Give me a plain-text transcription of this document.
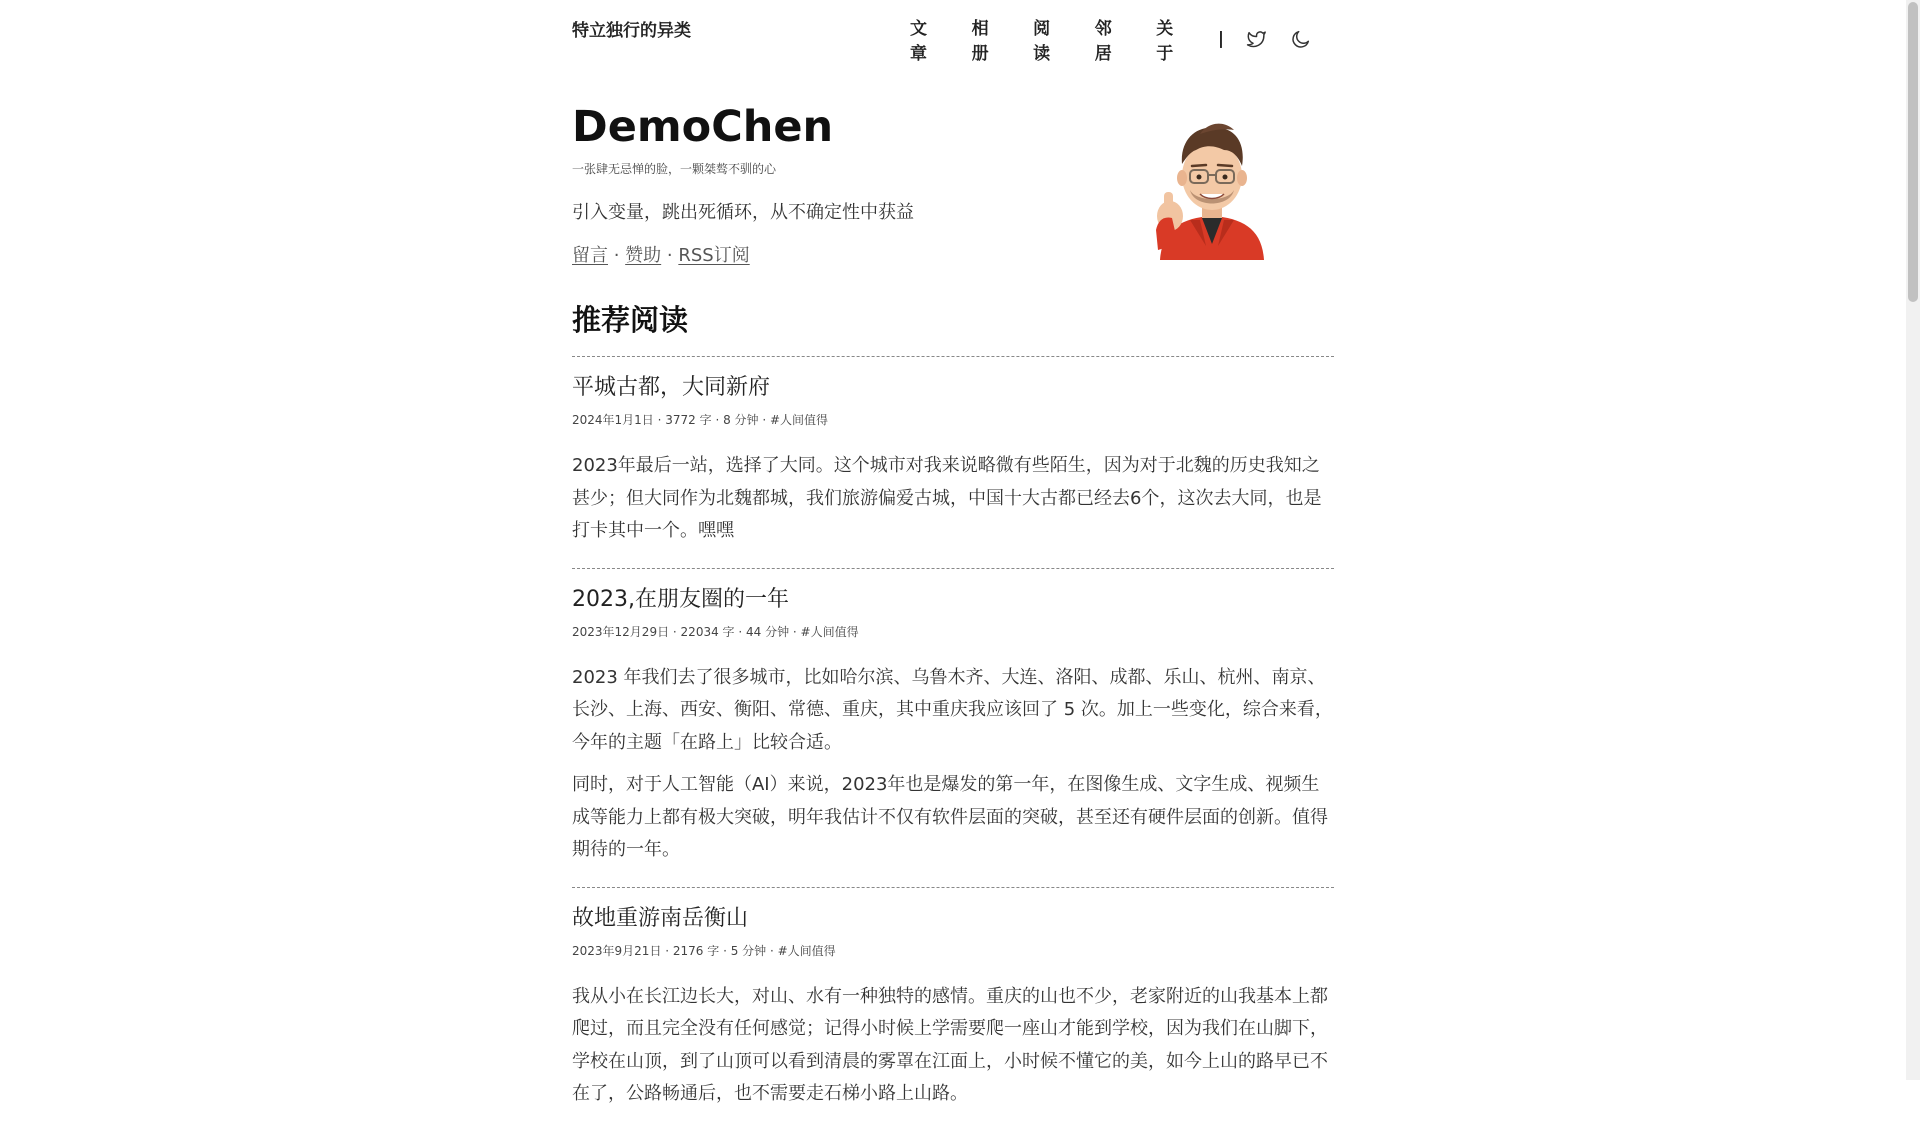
特立独行的异类	文章
相册
阅读
邻居
关于
|
DemoChen
一张肆无忌惮的脸，一颗桀骜不驯的心
引入变量，跳出死循环，从不确定性中获益
留言 · 赞助 · RSS订阅
推荐阅读
平城古都，大同新府
2024年1月1日 · 3772 字 · 8 分钟 · #人间值得

2023年最后一站，选择了大同。这个城市对我来说略微有些陌生，因为对于北魏的历史我知之甚少；但大同作为北魏都城，我们旅游偏爱古城，中国十大古都已经去6个，这次去大同，也是打卡其中一个。嘿嘿

2023,在朋友圈的一年
2023年12月29日 · 22034 字 · 44 分钟 · #人间值得

2023 年我们去了很多城市，比如哈尔滨、乌鲁木齐、大连、洛阳、成都、乐山、杭州、南京、长沙、上海、西安、衡阳、常德、重庆，其中重庆我应该回了 5 次。加上一些变化，综合来看，今年的主题「在路上」比较合适。

同时，对于人工智能（AI）来说，2023年也是爆发的第一年，在图像生成、文字生成、视频生成等能力上都有极大突破，明年我估计不仅有软件层面的突破，甚至还有硬件层面的创新。值得期待的一年。

故地重游南岳衡山
2023年9月21日 · 2176 字 · 5 分钟 · #人间值得

我从小在长江边长大，对山、水有一种独特的感情。重庆的山也不少，老家附近的山我基本上都爬过，而且完全没有任何感觉；记得小时候上学需要爬一座山才能到学校，因为我们在山脚下，学校在山顶，到了山顶可以看到清晨的雾罩在江面上，小时候不懂它的美，如今上山的路早已不在了，公路畅通后，也不需要走石梯小路上山路。
